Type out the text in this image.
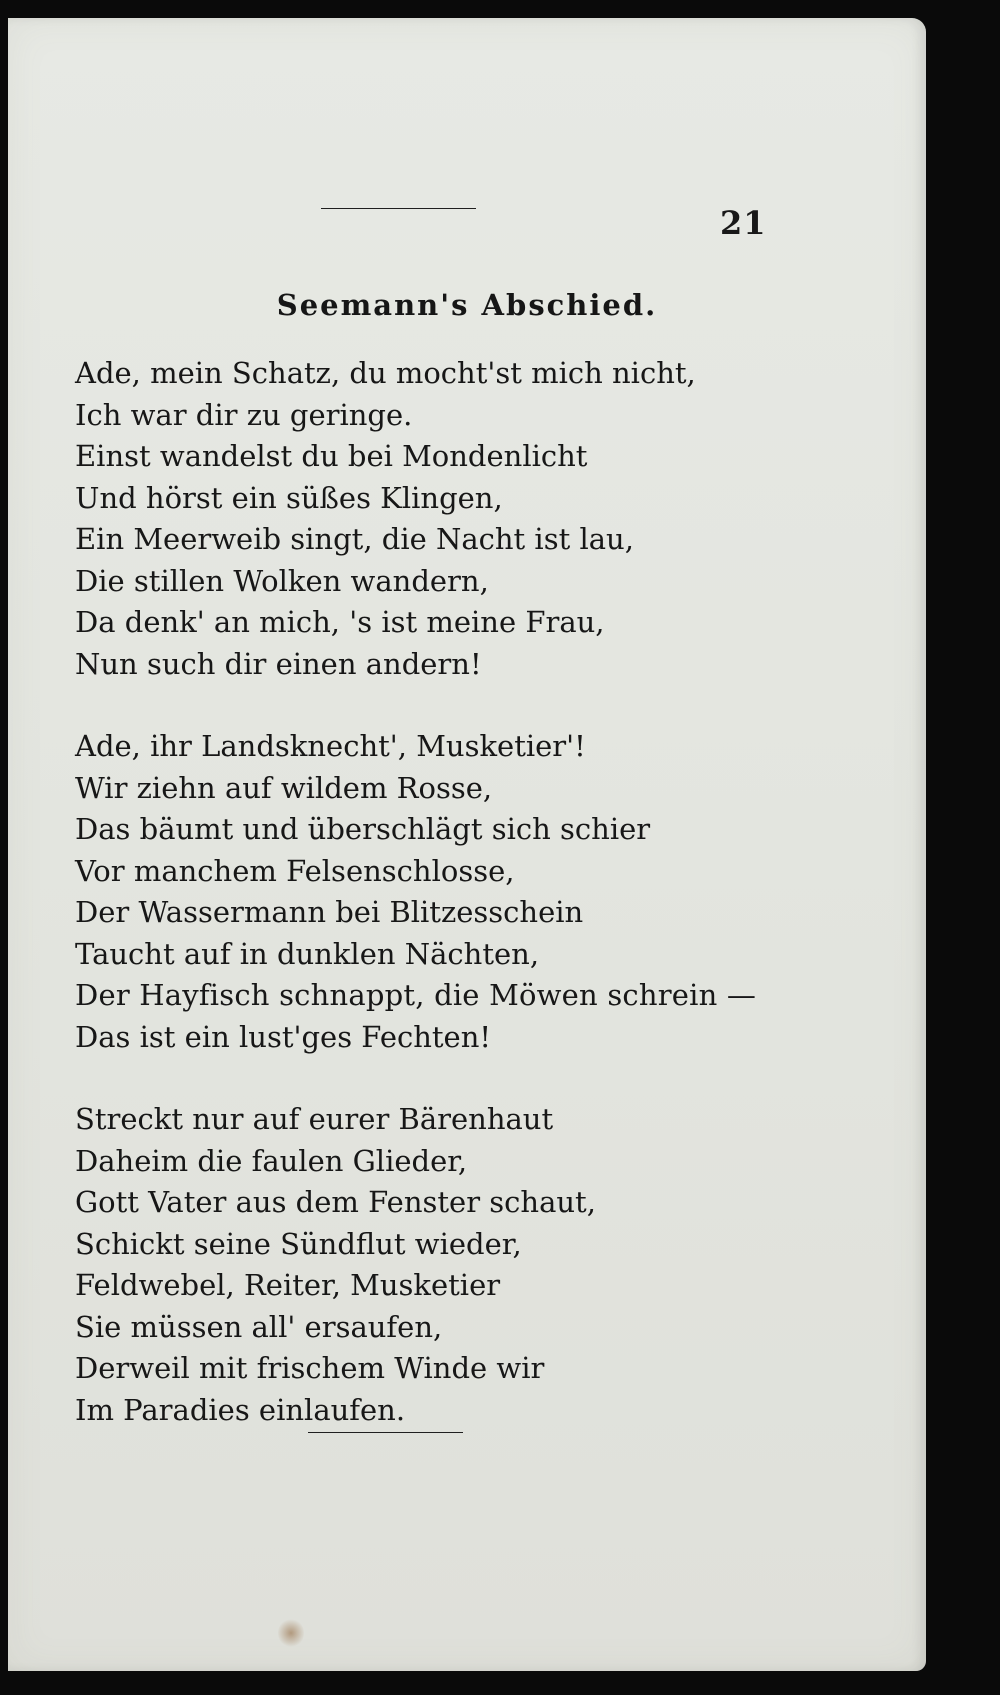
21
Seemann's Abschied.
Ade, mein Schatz, du mocht'st mich nicht,
Ich war dir zu geringe.
Einst wandelst du bei Mondenlicht
Und hörst ein süßes Klingen,
Ein Meerweib singt, die Nacht ist lau,
Die stillen Wolken wandern,
Da denk' an mich, 's ist meine Frau,
Nun such dir einen andern!
Ade, ihr Landsknecht', Musketier'!
Wir ziehn auf wildem Rosse,
Das bäumt und überschlägt sich schier
Vor manchem Felsenschlosse,
Der Wassermann bei Blitzesschein
Taucht auf in dunklen Nächten,
Der Hayfisch schnappt, die Möwen schrein —
Das ist ein lust'ges Fechten!
Streckt nur auf eurer Bärenhaut
Daheim die faulen Glieder,
Gott Vater aus dem Fenster schaut,
Schickt seine Sündflut wieder,
Feldwebel, Reiter, Musketier
Sie müssen all' ersaufen,
Derweil mit frischem Winde wir
Im Paradies einlaufen.
